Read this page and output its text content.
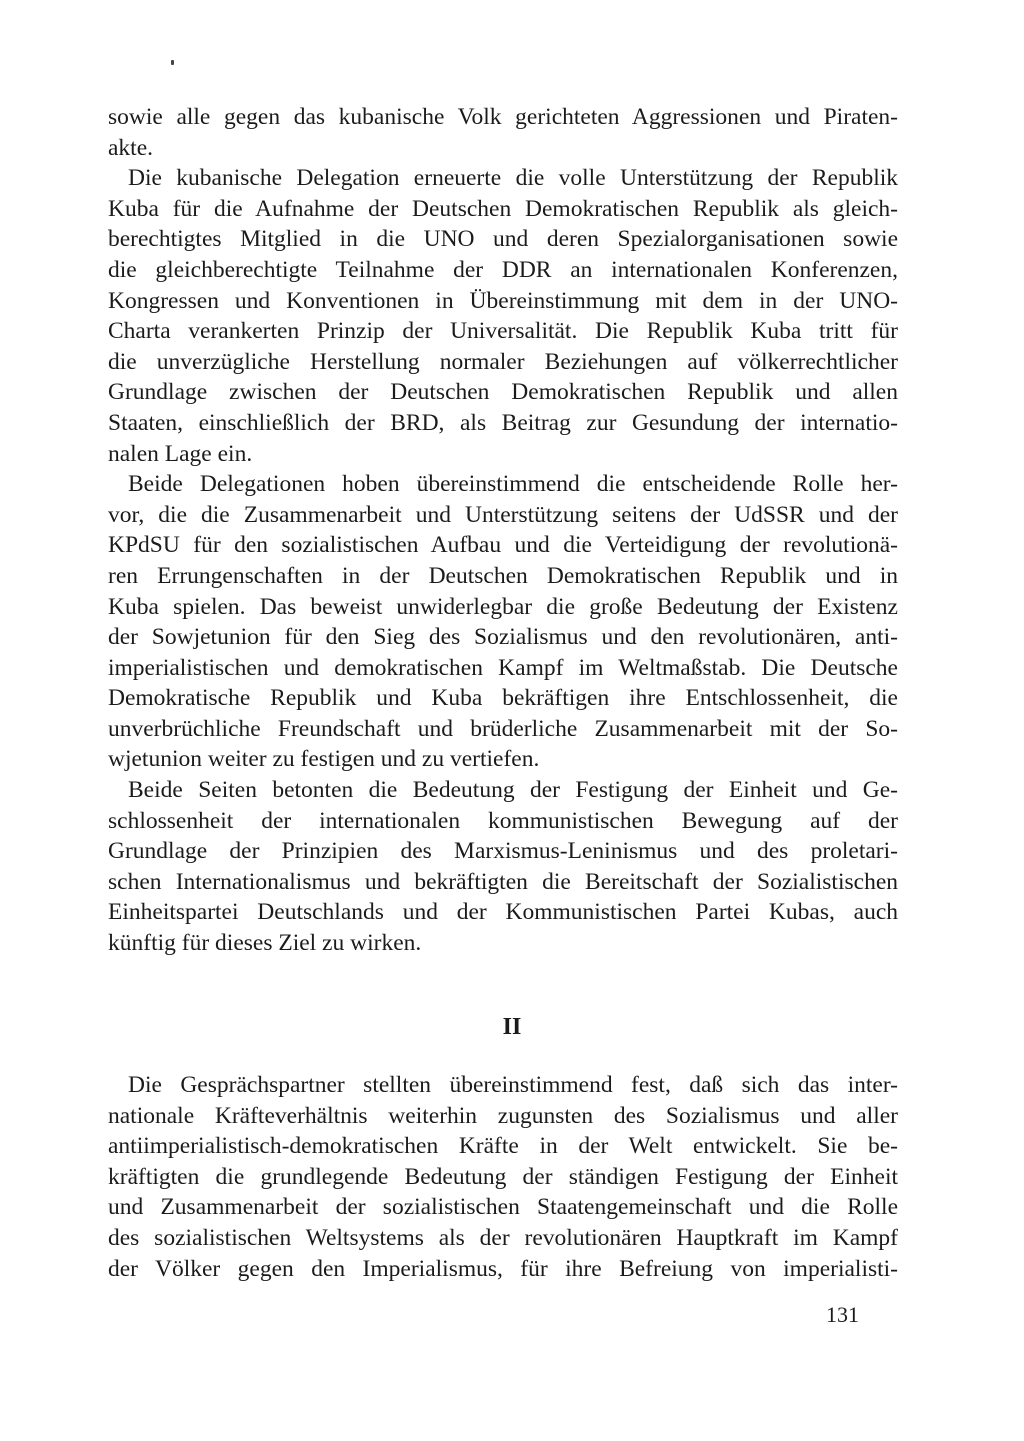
sowie alle gegen das kubanische Volk gerichteten Aggressionen und Piraten-
akte.
Die kubanische Delegation erneuerte die volle Unterstützung der Republik
Kuba für die Aufnahme der Deutschen Demokratischen Republik als gleich-
berechtigtes Mitglied in die UNO und deren Spezialorganisationen sowie
die gleichberechtigte Teilnahme der DDR an internationalen Konferenzen,
Kongressen und Konventionen in Übereinstimmung mit dem in der UNO-
Charta verankerten Prinzip der Universalität. Die Republik Kuba tritt für
die unverzügliche Herstellung normaler Beziehungen auf völkerrechtlicher
Grundlage zwischen der Deutschen Demokratischen Republik und allen
Staaten, einschließlich der BRD, als Beitrag zur Gesundung der internatio-
nalen Lage ein.
Beide Delegationen hoben übereinstimmend die entscheidende Rolle her-
vor, die die Zusammenarbeit und Unterstützung seitens der UdSSR und der
KPdSU für den sozialistischen Aufbau und die Verteidigung der revolutionä-
ren Errungenschaften in der Deutschen Demokratischen Republik und in
Kuba spielen. Das beweist unwiderlegbar die große Bedeutung der Existenz
der Sowjetunion für den Sieg des Sozialismus und den revolutionären, anti-
imperialistischen und demokratischen Kampf im Weltmaßstab. Die Deutsche
Demokratische Republik und Kuba bekräftigen ihre Entschlossenheit, die
unverbrüchliche Freundschaft und brüderliche Zusammenarbeit mit der So-
wjetunion weiter zu festigen und zu vertiefen.
Beide Seiten betonten die Bedeutung der Festigung der Einheit und Ge-
schlossenheit der internationalen kommunistischen Bewegung auf der
Grundlage der Prinzipien des Marxismus-Leninismus und des proletari-
schen Internationalismus und bekräftigten die Bereitschaft der Sozialistischen
Einheitspartei Deutschlands und der Kommunistischen Partei Kubas, auch
künftig für dieses Ziel zu wirken.
II
Die Gesprächspartner stellten übereinstimmend fest, daß sich das inter-
nationale Kräfteverhältnis weiterhin zugunsten des Sozialismus und aller
antiimperialistisch-demokratischen Kräfte in der Welt entwickelt. Sie be-
kräftigten die grundlegende Bedeutung der ständigen Festigung der Einheit
und Zusammenarbeit der sozialistischen Staatengemeinschaft und die Rolle
des sozialistischen Weltsystems als der revolutionären Hauptkraft im Kampf
der Völker gegen den Imperialismus, für ihre Befreiung von imperialisti-
131
